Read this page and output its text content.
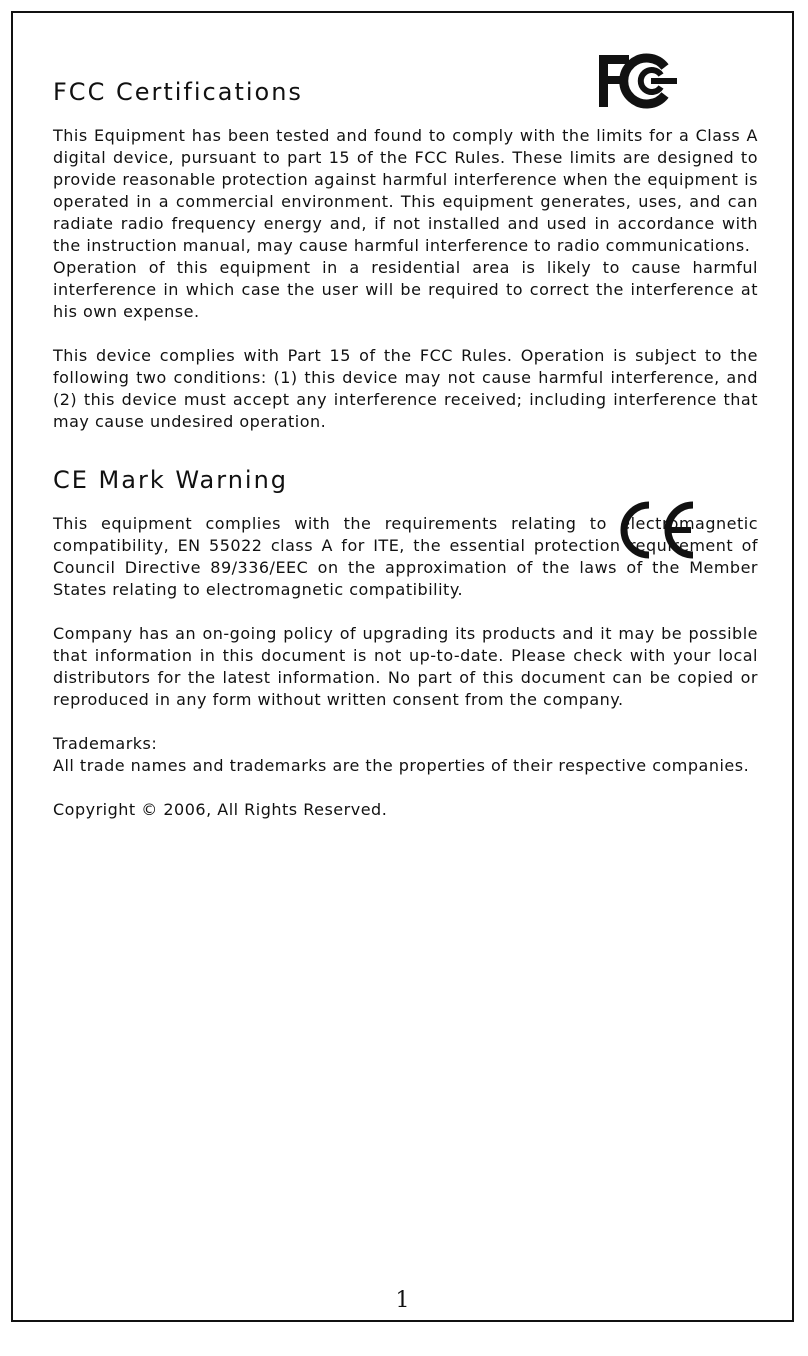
FCC Certifications

This Equipment has been tested and found to comply with the limits for a Class A digital device, pursuant to part 15 of the FCC Rules. These limits are designed to provide reasonable protection against harmful interference when the equipment is operated in a commercial environment. This equipment generates, uses, and can radiate radio frequency energy and, if not installed and used in accordance with the instruction manual, may cause harmful interference to radio communications.

Operation of this equipment in a residential area is likely to cause harmful interference in which case the user will be required to correct the interference at his own expense.

This device complies with Part 15 of the FCC Rules. Operation is subject to the following two conditions: (1) this device may not cause harmful interference, and (2) this device must accept any interference received; including interference that may cause undesired operation.

CE Mark Warning

This equipment complies with the requirements relating to electromagnetic compatibility, EN 55022 class A for ITE, the essential protection requirement of Council Directive 89/336/EEC on the approximation of the laws of the Member States relating to electromagnetic compatibility.

Company has an on-going policy of upgrading its products and it may be possible that information in this document is not up-to-date. Please check with your local distributors for the latest information. No part of this document can be copied or reproduced in any form without written consent from the company.

Trademarks:

All trade names and trademarks are the properties of their respective companies.

Copyright © 2006, All Rights Reserved.

1
